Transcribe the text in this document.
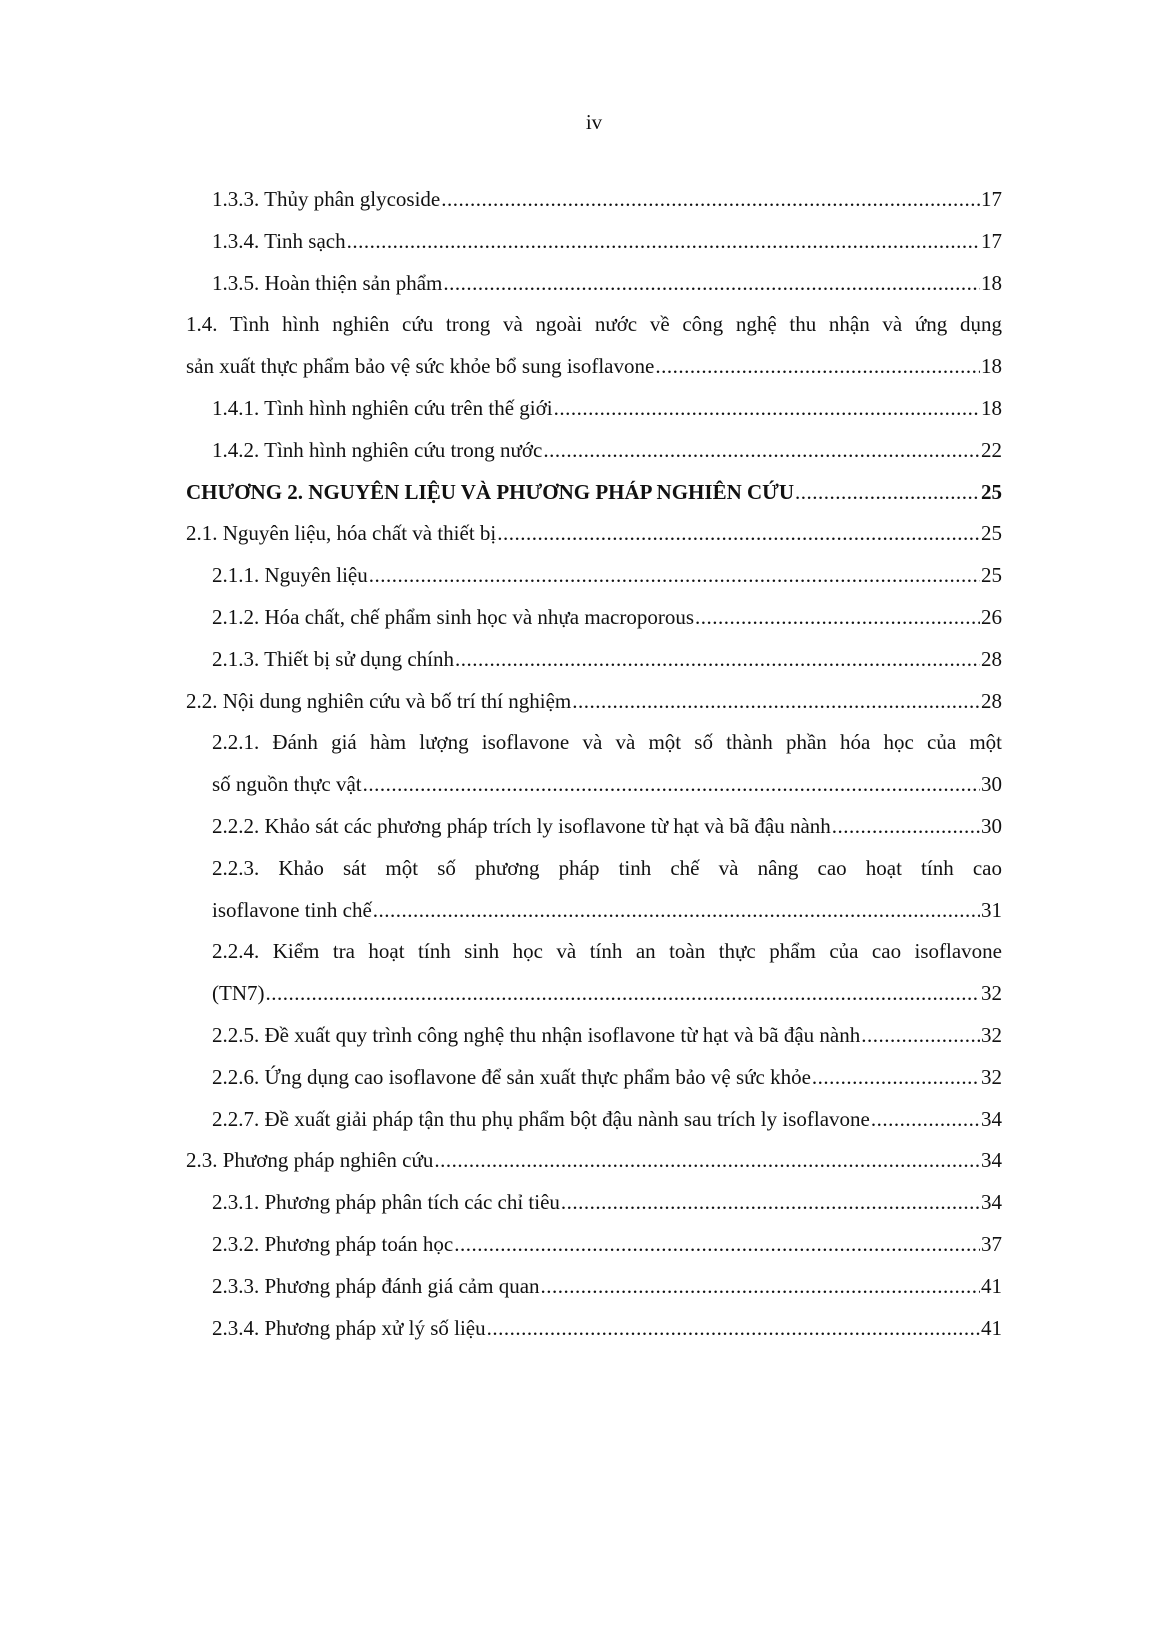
iv
1.3.3. Thủy phân glycoside .....	17
1.3.4. Tinh sạch .....	17
1.3.5. Hoàn thiện sản phẩm .....	18
1.4. Tình hình nghiên cứu trong và ngoài nước về công nghệ thu nhận và ứng dụng
sản xuất thực phẩm bảo vệ sức khỏe bổ sung isoflavone .....	18
1.4.1. Tình hình nghiên cứu trên thế giới .....	18
1.4.2. Tình hình nghiên cứu trong nước .....	22
CHƯƠNG 2. NGUYÊN LIỆU VÀ PHƯƠNG PHÁP NGHIÊN CỨU .....	25
2.1. Nguyên liệu, hóa chất và thiết bị .....	25
2.1.1. Nguyên liệu .....	25
2.1.2. Hóa chất, chế phẩm sinh học và nhựa macroporous .....	26
2.1.3. Thiết bị sử dụng chính .....	28
2.2. Nội dung nghiên cứu và bố trí thí nghiệm .....	28
2.2.1. Đánh giá hàm lượng isoflavone và và một số thành phần hóa học của một
số nguồn thực vật .....	30
2.2.2. Khảo sát các phương pháp trích ly isoflavone từ hạt và bã đậu nành .....	30
2.2.3. Khảo sát một số phương pháp tinh chế và nâng cao hoạt tính cao
isoflavone tinh chế .....	31
2.2.4. Kiểm tra hoạt tính sinh học và tính an toàn thực phẩm của cao isoflavone
(TN7) .....	32
2.2.5. Đề xuất quy trình công nghệ thu nhận isoflavone từ hạt và bã đậu nành .....	32
2.2.6. Ứng dụng cao isoflavone để sản xuất thực phẩm bảo vệ sức khỏe .....	32
2.2.7. Đề xuất giải pháp tận thu phụ phẩm bột đậu nành sau trích ly isoflavone .....	34
2.3. Phương pháp nghiên cứu .....	34
2.3.1. Phương pháp phân tích các chỉ tiêu .....	34
2.3.2. Phương pháp toán học .....	37
2.3.3. Phương pháp đánh giá cảm quan .....	41
2.3.4. Phương pháp xử lý số liệu .....	41
